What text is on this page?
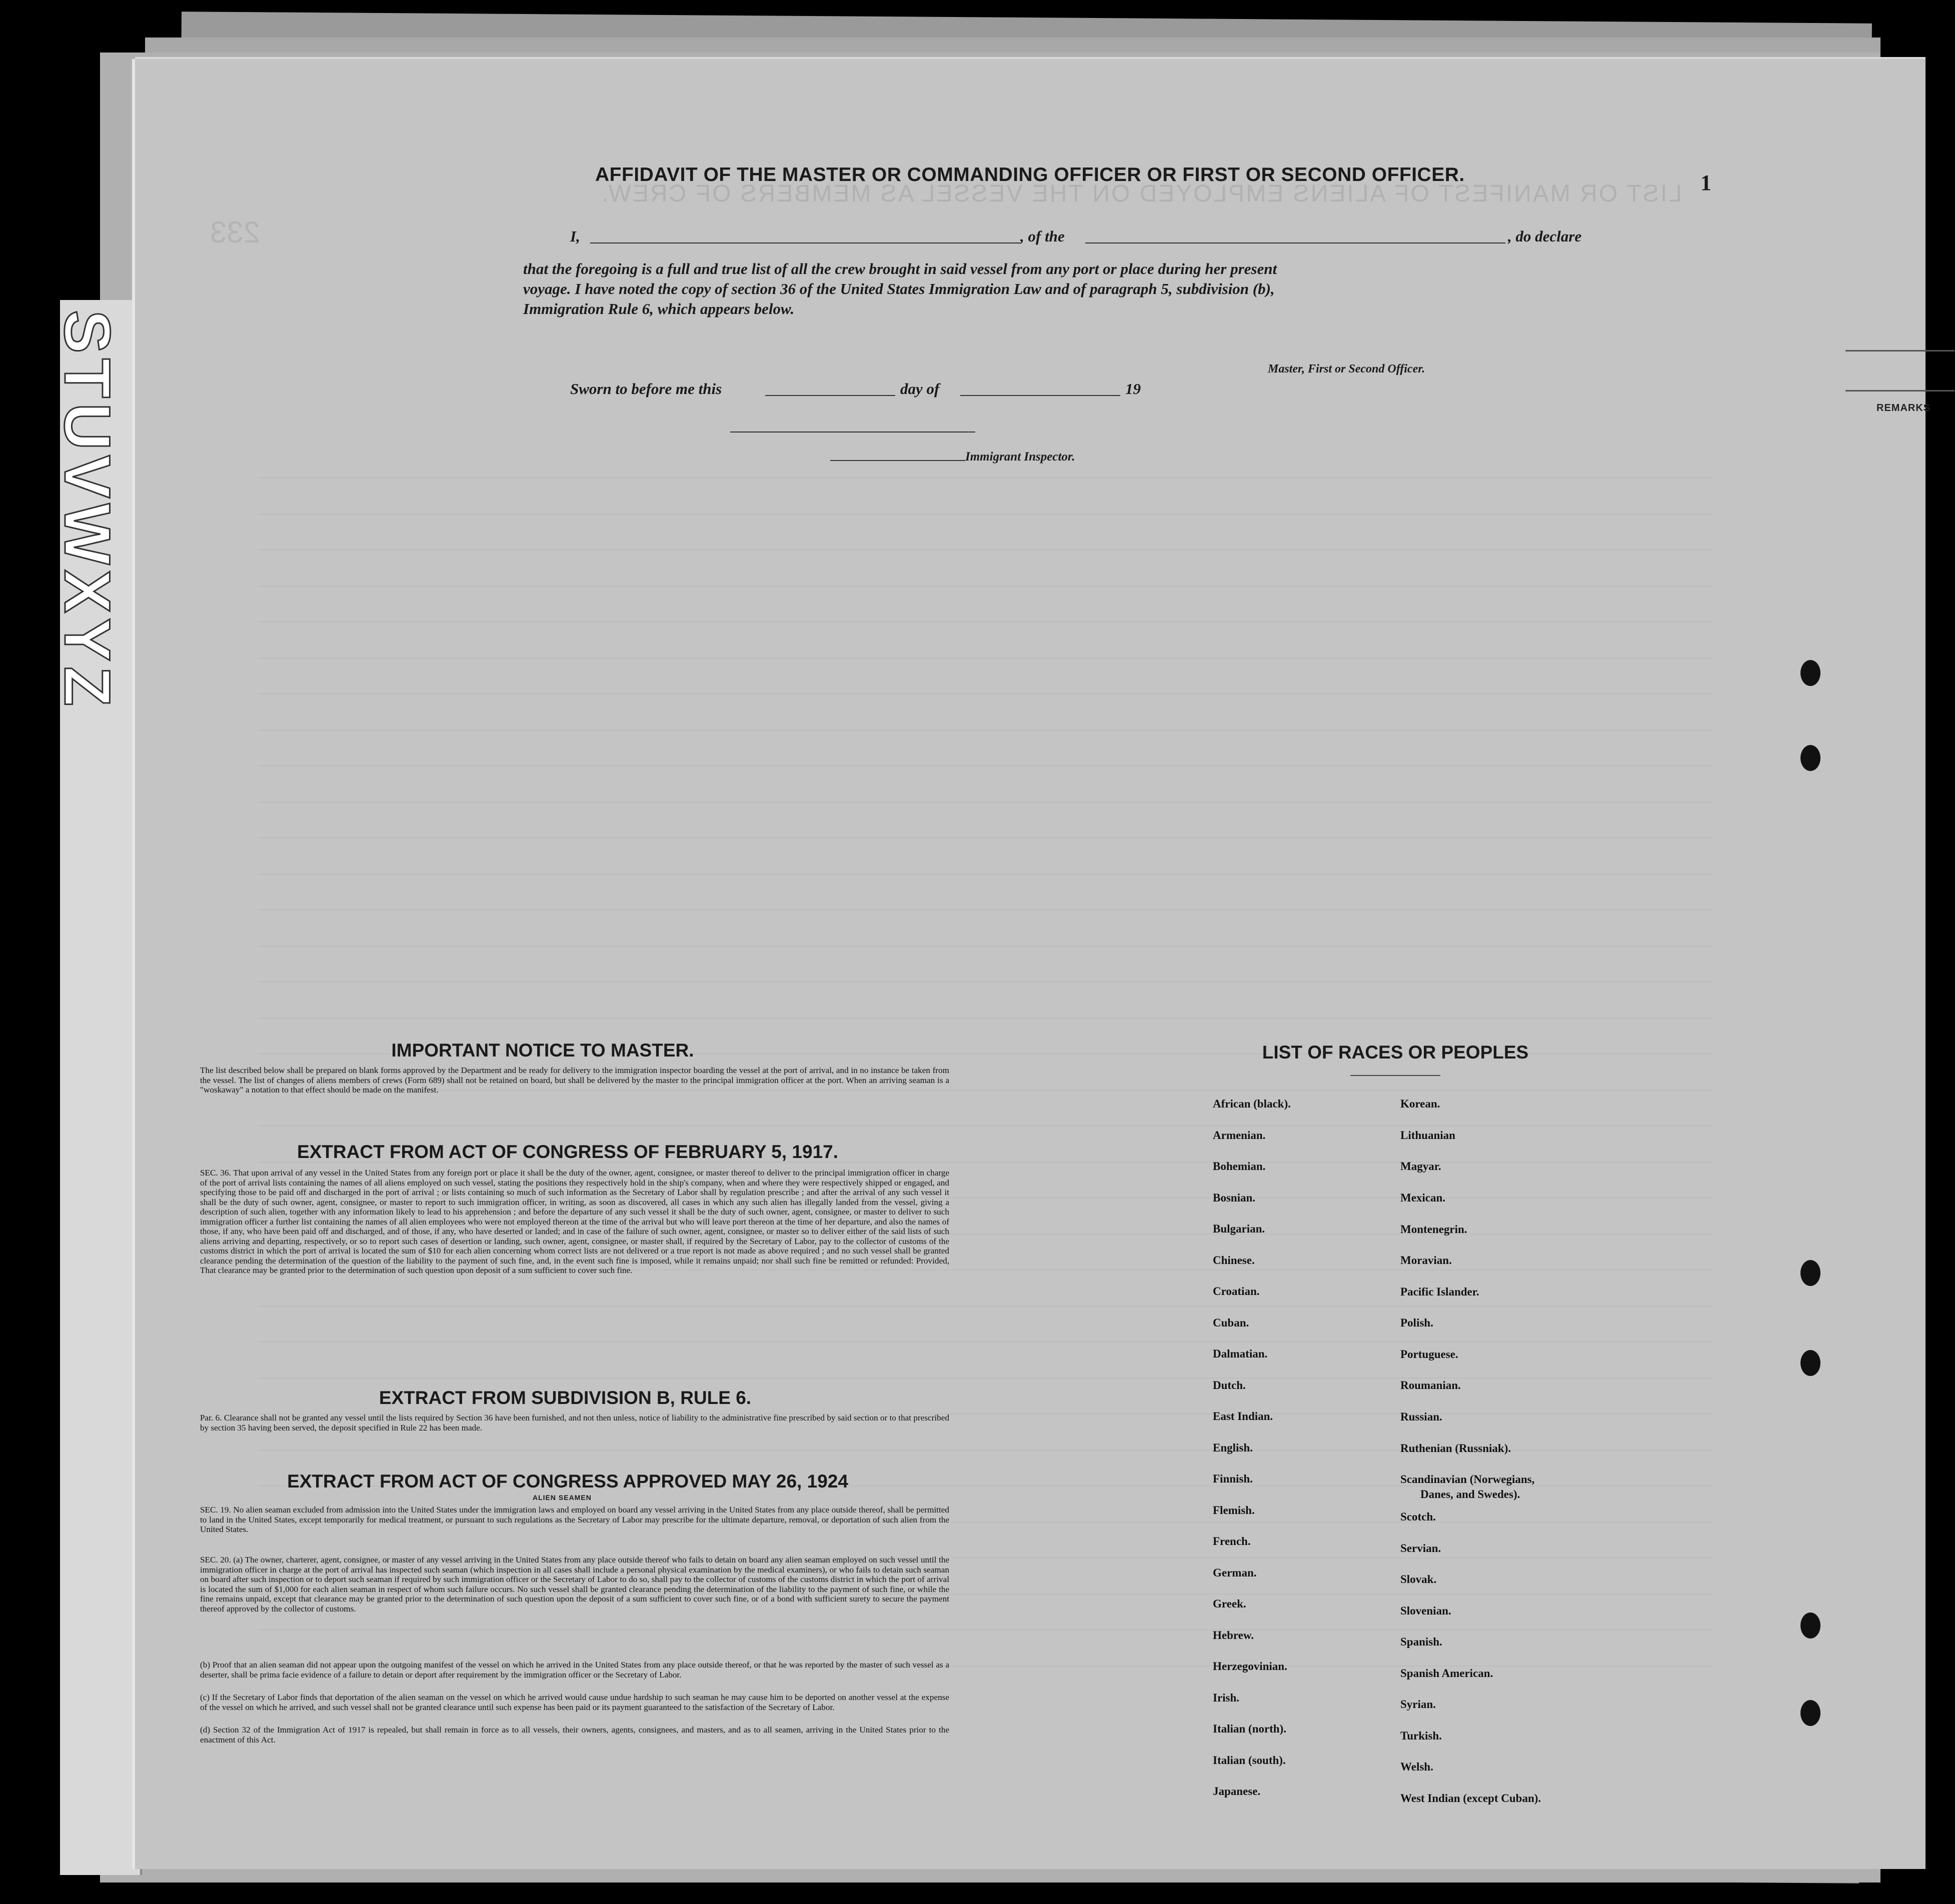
STUVWXYZ
LIST OR MANIFEST OF ALIENS EMPLOYED ON THE VESSEL AS MEMBERS OF CREW.
233
REMARKS
1
AFFIDAVIT OF THE MASTER OR COMMANDING OFFICER OR FIRST OR SECOND OFFICER.
I,	, of the	, do declare
that the foregoing is a full and true list of all the crew brought in said vessel from any port or place during her present
voyage. I have noted the copy of section 36 of the United States Immigration Law and of paragraph 5, subdivision (b),
Immigration Rule 6, which appears below.
Master, First or Second Officer.
Sworn to before me this	day of	19
Immigrant Inspector.
IMPORTANT NOTICE TO MASTER.

The list described below shall be prepared on blank forms approved by the Department and be ready for delivery to the immigration inspector boarding the vessel at the port of arrival, and in no instance be taken from the vessel. The list of changes of aliens members of crews (Form 689) shall not be retained on board, but shall be delivered by the master to the principal immigration officer at the port. When an arriving seaman is a "woskaway" a notation to that effect should be made on the manifest.

EXTRACT FROM ACT OF CONGRESS OF FEBRUARY 5, 1917.

SEC. 36. That upon arrival of any vessel in the United States from any foreign port or place it shall be the duty of the owner, agent, consignee, or master thereof to deliver to the principal immigration officer in charge of the port of arrival lists containing the names of all aliens employed on such vessel, stating the positions they respectively hold in the ship's company, when and where they were respectively shipped or engaged, and specifying those to be paid off and discharged in the port of arrival ; or lists containing so much of such information as the Secretary of Labor shall by regulation prescribe ; and after the arrival of any such vessel it shall be the duty of such owner, agent, consignee, or master to report to such immigration officer, in writing, as soon as discovered, all cases in which any such alien has illegally landed from the vessel, giving a description of such alien, together with any information likely to lead to his apprehension ; and before the departure of any such vessel it shall be the duty of such owner, agent, consignee, or master to deliver to such immigration officer a further list containing the names of all alien employees who were not employed thereon at the time of the arrival but who will leave port thereon at the time of her departure, and also the names of those, if any, who have been paid off and discharged, and of those, if any, who have deserted or landed; and in case of the failure of such owner, agent, consignee, or master so to deliver either of the said lists of such aliens arriving and departing, respectively, or so to report such cases of desertion or landing, such owner, agent, consignee, or master shall, if required by the Secretary of Labor, pay to the collector of customs of the customs district in which the port of arrival is located the sum of $10 for each alien concerning whom correct lists are not delivered or a true report is not made as above required ; and no such vessel shall be granted clearance pending the determination of the question of the liability to the payment of such fine, and, in the event such fine is imposed, while it remains unpaid; nor shall such fine be remitted or refunded: Provided, That clearance may be granted prior to the determination of such question upon deposit of a sum sufficient to cover such fine.

EXTRACT FROM SUBDIVISION B, RULE 6.

Par. 6. Clearance shall not be granted any vessel until the lists required by Section 36 have been furnished, and not then unless, notice of liability to the administrative fine prescribed by said section or to that prescribed by section 35 having been served, the deposit specified in Rule 22 has been made.

EXTRACT FROM ACT OF CONGRESS APPROVED MAY 26, 1924
ALIEN SEAMEN

SEC. 19. No alien seaman excluded from admission into the United States under the immigration laws and employed on board any vessel arriving in the United States from any place outside thereof, shall be permitted to land in the United States, except temporarily for medical treatment, or pursuant to such regulations as the Secretary of Labor may prescribe for the ultimate departure, removal, or deportation of such alien from the United States.

SEC. 20. (a) The owner, charterer, agent, consignee, or master of any vessel arriving in the United States from any place outside thereof who fails to detain on board any alien seaman employed on such vessel until the immigration officer in charge at the port of arrival has inspected such seaman (which inspection in all cases shall include a personal physical examination by the medical examiners), or who fails to detain such seaman on board after such inspection or to deport such seaman if required by such immigration officer or the Secretary of Labor to do so, shall pay to the collector of customs of the customs district in which the port of arrival is located the sum of $1,000 for each alien seaman in respect of whom such failure occurs. No such vessel shall be granted clearance pending the determination of the liability to the payment of such fine, or while the fine remains unpaid, except that clearance may be granted prior to the determination of such question upon the deposit of a sum sufficient to cover such fine, or of a bond with sufficient surety to secure the payment thereof approved by the collector of customs.

(b) Proof that an alien seaman did not appear upon the outgoing manifest of the vessel on which he arrived in the United States from any place outside thereof, or that he was reported by the master of such vessel as a deserter, shall be prima facie evidence of a failure to detain or deport after requirement by the immigration officer or the Secretary of Labor.

(c) If the Secretary of Labor finds that deportation of the alien seaman on the vessel on which he arrived would cause undue hardship to such seaman he may cause him to be deported on another vessel at the expense of the vessel on which he arrived, and such vessel shall not be granted clearance until such expense has been paid or its payment guaranteed to the satisfaction of the Secretary of Labor.

(d) Section 32 of the Immigration Act of 1917 is repealed, but shall remain in force as to all vessels, their owners, agents, consignees, and masters, and as to all seamen, arriving in the United States prior to the enactment of this Act.

LIST OF RACES OR PEOPLES
African (black).
Armenian.
Bohemian.
Bosnian.
Bulgarian.
Chinese.
Croatian.
Cuban.
Dalmatian.
Dutch.
East Indian.
English.
Finnish.
Flemish.
French.
German.
Greek.
Hebrew.
Herzegovinian.
Irish.
Italian (north).
Italian (south).
Japanese.
Korean.
Lithuanian
Magyar.
Mexican.
Montenegrin.
Moravian.
Pacific Islander.
Polish.
Portuguese.
Roumanian.
Russian.
Ruthenian (Russniak).
Scandinavian (Norwegians,
Danes, and Swedes).
Scotch.
Servian.
Slovak.
Slovenian.
Spanish.
Spanish American.
Syrian.
Turkish.
Welsh.
West Indian (except Cuban).
